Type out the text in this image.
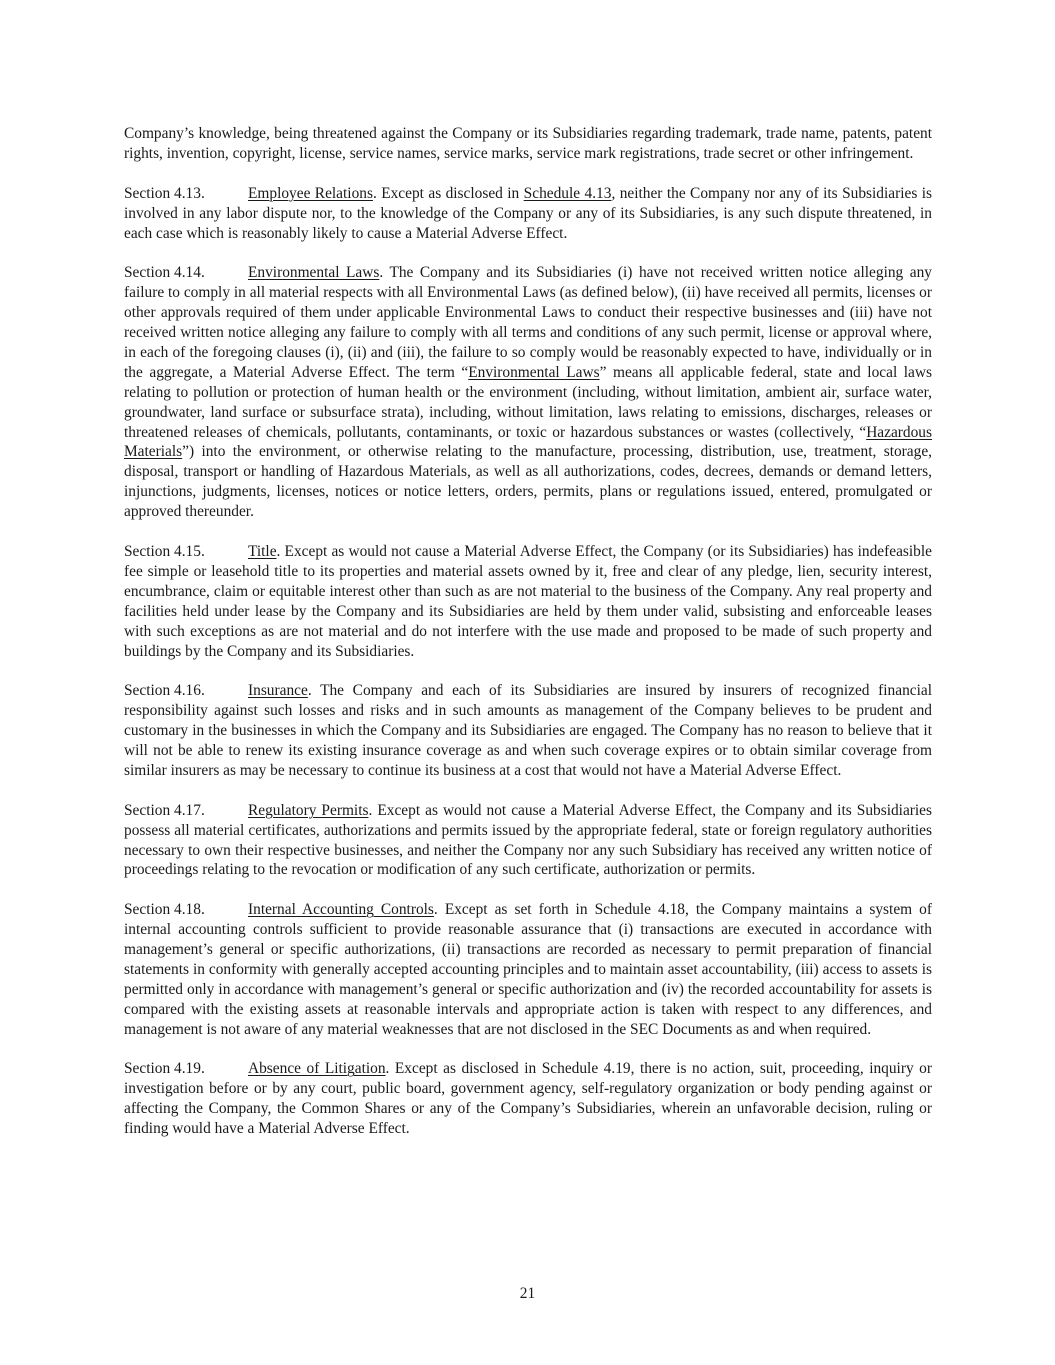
Company’s knowledge, being threatened against the Company or its Subsidiaries regarding trademark, trade name, patents, patent rights, invention, copyright, license, service names, service marks, service mark registrations, trade secret or other infringement.

Section 4.13.	Employee Relations. Except as disclosed in Schedule 4.13, neither the Company nor any of its Subsidiaries is involved in any labor dispute nor, to the knowledge of the Company or any of its Subsidiaries, is any such dispute threatened, in each case which is reasonably likely to cause a Material Adverse Effect.

Section 4.14.	Environmental Laws. The Company and its Subsidiaries (i) have not received written notice alleging any failure to comply in all material respects with all Environmental Laws (as defined below), (ii) have received all permits, licenses or other approvals required of them under applicable Environmental Laws to conduct their respective businesses and (iii) have not received written notice alleging any failure to comply with all terms and conditions of any such permit, license or approval where, in each of the foregoing clauses (i), (ii) and (iii), the failure to so comply would be reasonably expected to have, individually or in the aggregate, a Material Adverse Effect. The term “Environmental Laws” means all applicable federal, state and local laws relating to pollution or protection of human health or the environment (including, without limitation, ambient air, surface water, groundwater, land surface or subsurface strata), including, without limitation, laws relating to emissions, discharges, releases or threatened releases of chemicals, pollutants, contaminants, or toxic or hazardous substances or wastes (collectively, “Hazardous Materials”) into the environment, or otherwise relating to the manufacture, processing, distribution, use, treatment, storage, disposal, transport or handling of Hazardous Materials, as well as all authorizations, codes, decrees, demands or demand letters, injunctions, judgments, licenses, notices or notice letters, orders, permits, plans or regulations issued, entered, promulgated or approved thereunder.

Section 4.15.	Title. Except as would not cause a Material Adverse Effect, the Company (or its Subsidiaries) has indefeasible fee simple or leasehold title to its properties and material assets owned by it, free and clear of any pledge, lien, security interest, encumbrance, claim or equitable interest other than such as are not material to the business of the Company. Any real property and facilities held under lease by the Company and its Subsidiaries are held by them under valid, subsisting and enforceable leases with such exceptions as are not material and do not interfere with the use made and proposed to be made of such property and buildings by the Company and its Subsidiaries.

Section 4.16.	Insurance. The Company and each of its Subsidiaries are insured by insurers of recognized financial responsibility against such losses and risks and in such amounts as management of the Company believes to be prudent and customary in the businesses in which the Company and its Subsidiaries are engaged. The Company has no reason to believe that it will not be able to renew its existing insurance coverage as and when such coverage expires or to obtain similar coverage from similar insurers as may be necessary to continue its business at a cost that would not have a Material Adverse Effect.

Section 4.17.	Regulatory Permits. Except as would not cause a Material Adverse Effect, the Company and its Subsidiaries possess all material certificates, authorizations and permits issued by the appropriate federal, state or foreign regulatory authorities necessary to own their respective businesses, and neither the Company nor any such Subsidiary has received any written notice of proceedings relating to the revocation or modification of any such certificate, authorization or permits.

Section 4.18.	Internal Accounting Controls. Except as set forth in Schedule 4.18, the Company maintains a system of internal accounting controls sufficient to provide reasonable assurance that (i) transactions are executed in accordance with management’s general or specific authorizations, (ii) transactions are recorded as necessary to permit preparation of financial statements in conformity with generally accepted accounting principles and to maintain asset accountability, (iii) access to assets is permitted only in accordance with management’s general or specific authorization and (iv) the recorded accountability for assets is compared with the existing assets at reasonable intervals and appropriate action is taken with respect to any differences, and management is not aware of any material weaknesses that are not disclosed in the SEC Documents as and when required.

Section 4.19.	Absence of Litigation. Except as disclosed in Schedule 4.19, there is no action, suit, proceeding, inquiry or investigation before or by any court, public board, government agency, self-regulatory organization or body pending against or affecting the Company, the Common Shares or any of the Company’s Subsidiaries, wherein an unfavorable decision, ruling or finding would have a Material Adverse Effect.

21
